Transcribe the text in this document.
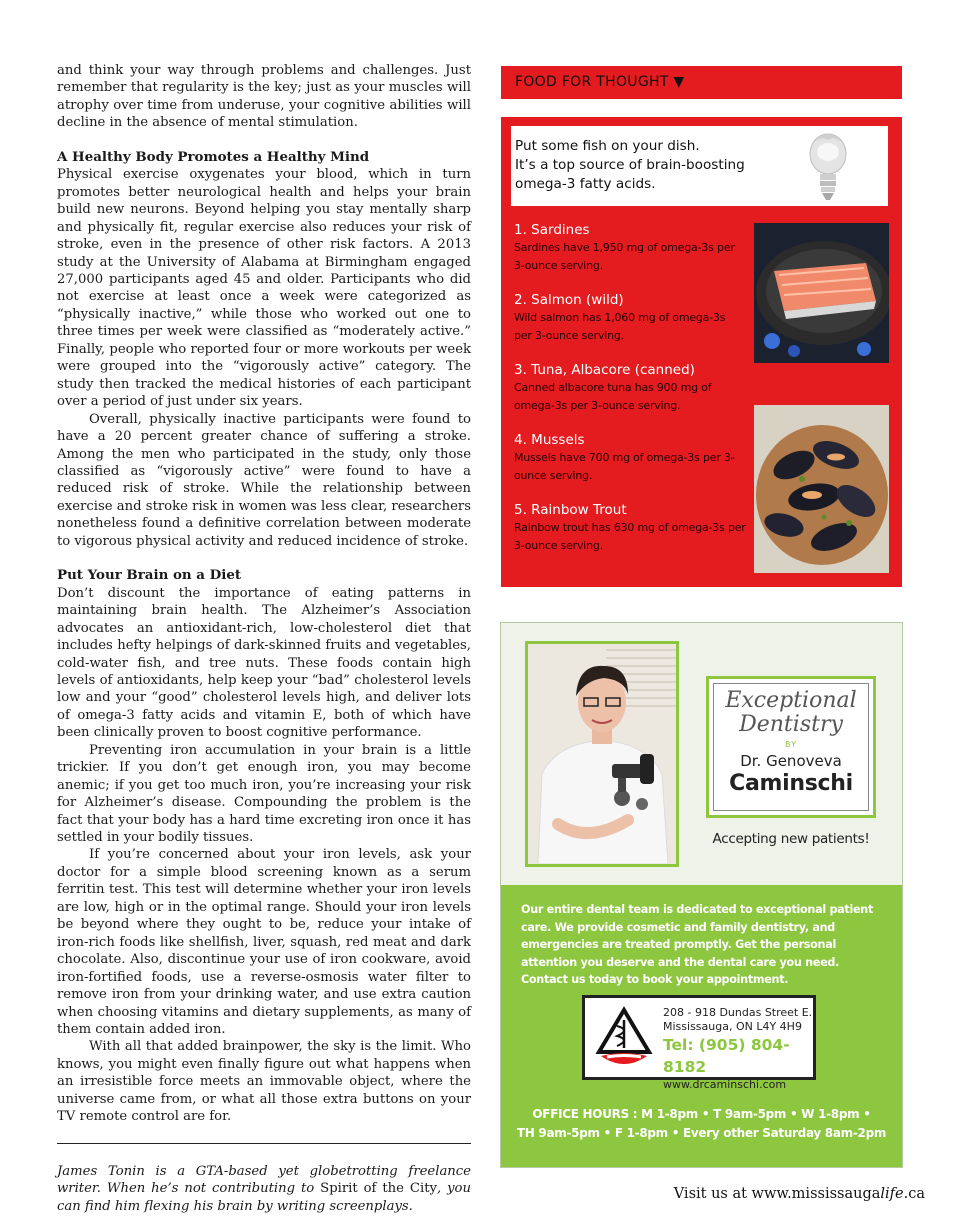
and think your way through problems and challenges. Just remember that regularity is the key; just as your muscles will atrophy over time from underuse, your cognitive abilities will decline in the absence of mental stimulation.

A Healthy Body Promotes a Healthy Mind

Physical exercise oxygenates your blood, which in turn promotes better neurological health and helps your brain build new neurons. Beyond helping you stay mentally sharp and physically fit, regular exercise also reduces your risk of stroke, even in the presence of other risk factors. A 2013 study at the University of Alabama at Birmingham engaged 27,000 participants aged 45 and older. Participants who did not exercise at least once a week were categorized as “physically inactive,” while those who worked out one to three times per week were classified as “moderately active.” Finally, people who reported four or more workouts per week were grouped into the “vigorously active” category. The study then tracked the medical histories of each participant over a period of just under six years.

Overall, physically inactive participants were found to have a 20 percent greater chance of suffering a stroke. Among the men who participated in the study, only those classified as “vigorously active” were found to have a reduced risk of stroke. While the relationship between exercise and stroke risk in women was less clear, researchers nonetheless found a definitive correlation between moderate to vigorous physical activity and reduced incidence of stroke.

Put Your Brain on a Diet

Don’t discount the importance of eating patterns in maintaining brain health. The Alzheimer’s Association advocates an antioxidant-rich, low-cholesterol diet that includes hefty helpings of dark-skinned fruits and vegetables, cold-water fish, and tree nuts. These foods contain high levels of antioxidants, help keep your “bad” cholesterol levels low and your “good” cholesterol levels high, and deliver lots of omega-3 fatty acids and vitamin E, both of which have been clinically proven to boost cognitive performance.

Preventing iron accumulation in your brain is a little trickier. If you don’t get enough iron, you may become anemic; if you get too much iron, you’re increasing your risk for Alzheimer’s disease. Compounding the problem is the fact that your body has a hard time excreting iron once it has settled in your bodily tissues.

If you’re concerned about your iron levels, ask your doctor for a simple blood screening known as a serum ferritin test. This test will determine whether your iron levels are low, high or in the optimal range. Should your iron levels be beyond where they ought to be, reduce your intake of iron-rich foods like shellfish, liver, squash, red meat and dark chocolate. Also, discontinue your use of iron cookware, avoid iron-fortified foods, use a reverse-osmosis water filter to remove iron from your drinking water, and use extra caution when choosing vitamins and dietary supplements, as many of them contain added iron.

With all that added brainpower, the sky is the limit. Who knows, you might even finally figure out what happens when an irresistible force meets an immovable object, where the universe came from, or what all those extra buttons on your TV remote control are for.

James Tonin is a GTA-based yet globetrotting freelance writer. When he’s not contributing to Spirit of the City, you can find him flexing his brain by writing screenplays.

FOOD FOR THOUGHT ▼
Put some fish on your dish.
It’s a top source of brain-boosting
omega-3 fatty acids.
1. Sardines
Sardines have 1,950 mg of omega-3s per 3-ounce serving.
2. Salmon (wild)
Wild salmon has 1,060 mg of omega-3s per 3-ounce serving.
3. Tuna, Albacore (canned)
Canned albacore tuna has 900 mg of omega-3s per 3-ounce serving.
4. Mussels
Mussels have 700 mg of omega-3s per 3-ounce serving.
5. Rainbow Trout
Rainbow trout has 630 mg of omega-3s per 3-ounce serving.
Exceptional
Dentistry
BY
Dr. Genoveva
Caminschi
Accepting new patients!
Our entire dental team is dedicated to exceptional patient care. We provide cosmetic and family dentistry, and emergencies are treated promptly. Get the personal attention you deserve and the dental care you need. Contact us today to book your appointment.
208 - 918 Dundas Street E.
Mississauga, ON L4Y 4H9
Tel: (905) 804-8182
www.drcaminschi.com
OFFICE HOURS : M 1-8pm • T 9am-5pm • W 1-8pm •
TH 9am-5pm • F 1-8pm • Every other Saturday 8am-2pm
Visit us at www.mississaugalife.ca
